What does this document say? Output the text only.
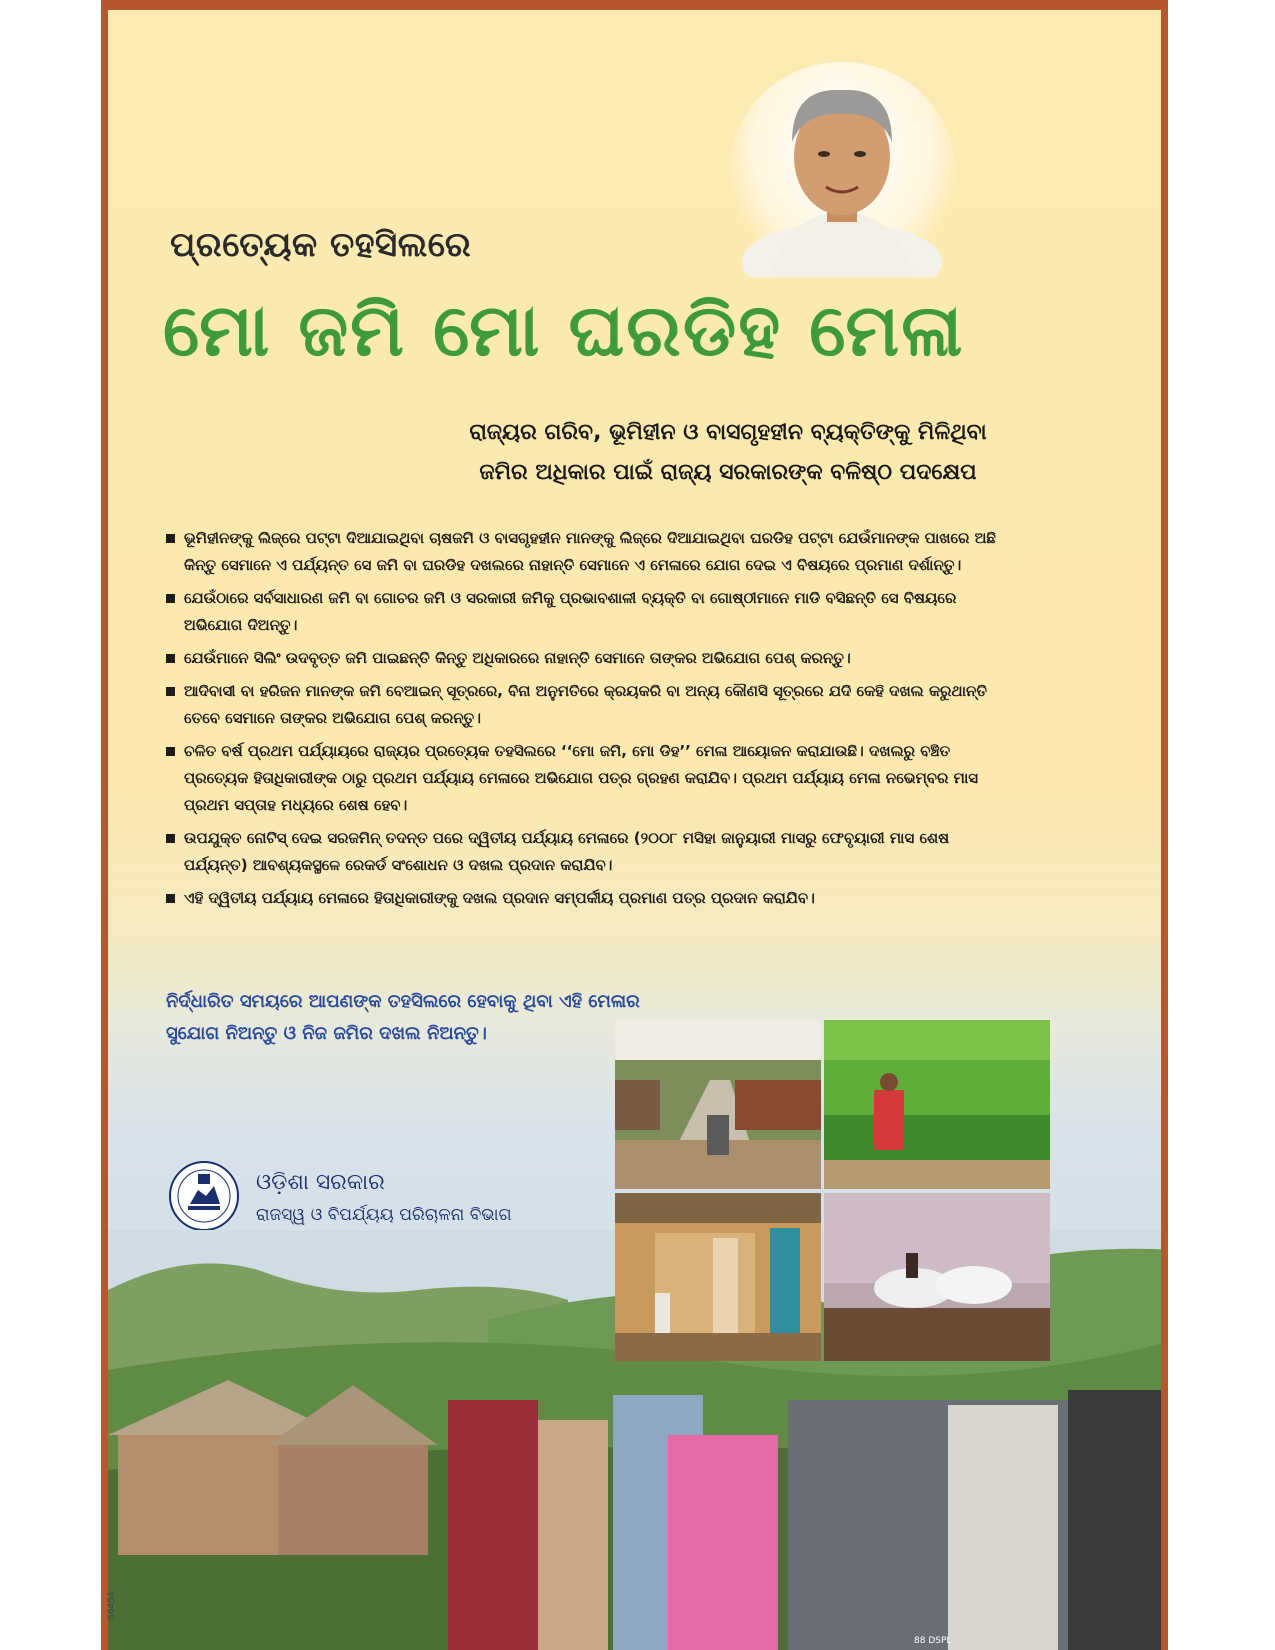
ପ୍ରତ୍ୟେକ ତହସିଲରେ
ମୋ ଜମି ମୋ ଘରଡିହ ମେଳା
ରାଜ୍ୟର ଗରିବ, ଭୂମିହୀନ ଓ ବାସଗୃହହୀନ ବ୍ୟକ୍ତିଙ୍କୁ ମିଳିଥିବା
ଜମିର ଅଧିକାର ପାଇଁ ରାଜ୍ୟ ସରକାରଙ୍କ ବଳିଷ୍ଠ ପଦକ୍ଷେପ
ଭୂମିହୀନଙ୍କୁ ଲିଜ୍‌ରେ ପଟ୍ଟା ଦିଆଯାଇଥିବା ଚାଷଜମି ଓ ବାସଗୃହହୀନ ମାନଙ୍କୁ ଲିଜ୍‌ରେ ଦିଆଯାଇଥିବା ଘରଡିହ ପଟ୍ଟା ଯେଉଁମାନଙ୍କ ପାଖରେ ଅଛି କିନ୍ତୁ ସେମାନେ ଏ ପର୍ଯ୍ୟନ୍ତ ସେ ଜମି ବା ଘରଡିହ ଦଖଲରେ ନାହାନ୍ତି ସେମାନେ ଏ ମେଳାରେ ଯୋଗ ଦେଇ ଏ ବିଷୟରେ ପ୍ରମାଣ ଦର୍ଶାନ୍ତୁ।
ଯେଉଁଠାରେ ସର୍ବସାଧାରଣ ଜମି ବା ଗୋଚର ଜମି ଓ ସରକାରୀ ଜମିକୁ ପ୍ରଭାବଶାଳୀ ବ୍ୟକ୍ତି ବା ଗୋଷ୍ଠୀମାନେ ମାଡି ବସିଛନ୍ତି ସେ ବିଷୟରେ ଅଭିଯୋଗ ଦିଅନ୍ତୁ।
ଯେଉଁମାନେ ସିଲିଂ ଉଦବୃତ୍ତ ଜମି ପାଇଛନ୍ତି କିନ୍ତୁ ଅଧିକାରରେ ନାହାନ୍ତି ସେମାନେ ତାଙ୍କର ଅଭିଯୋଗ ପେଶ୍ କରନ୍ତୁ।
ଆଦିବାସୀ ବା ହରିଜନ ମାନଙ୍କ ଜମି ବେଆଇନ୍ ସୂତ୍ରରେ, ବିନା ଅନୁମତିରେ କ୍ରୟକରି ବା ଅନ୍ୟ କୌଣସି ସୂତ୍ରରେ ଯଦି କେହି ଦଖଲ କରୁଥାନ୍ତି ତେବେ ସେମାନେ ତାଙ୍କର ଅଭିଯୋଗ ପେଶ୍ କରନ୍ତୁ।
ଚଳିତ ବର୍ଷ ପ୍ରଥମ ପର୍ଯ୍ୟାୟରେ ରାଜ୍ୟର ପ୍ରତ୍ୟେକ ତହସିଲରେ ‘‘ମୋ ଜମି, ମୋ ଡିହ’’ ମେଳା ଆୟୋଜନ କରାଯାଉଛି। ଦଖଲରୁ ବଞ୍ଚିତ ପ୍ରତ୍ୟେକ ହିତାଧିକାରୀଙ୍କ ଠାରୁ ପ୍ରଥମ ପର୍ଯ୍ୟାୟ ମେଳାରେ ଅଭିଯୋଗ ପତ୍ର ଗ୍ରହଣ କରାଯିବ। ପ୍ରଥମ ପର୍ଯ୍ୟାୟ ମେଳା ନଭେମ୍ବର ମାସ ପ୍ରଥମ ସପ୍ତାହ ମଧ୍ୟରେ ଶେଷ ହେବ।
ଉପଯୁକ୍ତ ନୋଟିସ୍ ଦେଇ ସରଜମିନ୍ ତଦନ୍ତ ପରେ ଦ୍ୱିତୀୟ ପର୍ଯ୍ୟାୟ ମେଳାରେ (୨୦୦୮ ମସିହା ଜାନୁୟାରୀ ମାସରୁ ଫେବୃୟାରୀ ମାସ ଶେଷ ପର୍ଯ୍ୟନ୍ତ) ଆବଶ୍ୟକସ୍ଥଳେ ରେକର୍ଡ ସଂଶୋଧନ ଓ ଦଖଲ ପ୍ରଦାନ କରାଯିବ।
ଏହି ଦ୍ୱିତୀୟ ପର୍ଯ୍ୟାୟ ମେଳାରେ ହିତାଧିକାରୀଙ୍କୁ ଦଖଲ ପ୍ରଦାନ ସମ୍ପର୍କୀୟ ପ୍ରମାଣ ପତ୍ର ପ୍ରଦାନ କରାଯିବ।
ନିର୍ଦ୍ଧାରିତ ସମୟରେ ଆପଣଙ୍କ ତହସିଲରେ ହେବାକୁ ଥିବା ଏହି ମେଳାର
ସୁଯୋଗ ନିଅନ୍ତୁ ଓ ନିଜ ଜମିର ଦଖଲ ନିଅନ୍ତୁ।
ଓଡ଼ିଶା ସରକାର
ରାଜସ୍ୱ ଓ ବିପର୍ଯ୍ୟୟ ପରିଚାଳନା ବିଭାଗ
S6454
88 DSPL
